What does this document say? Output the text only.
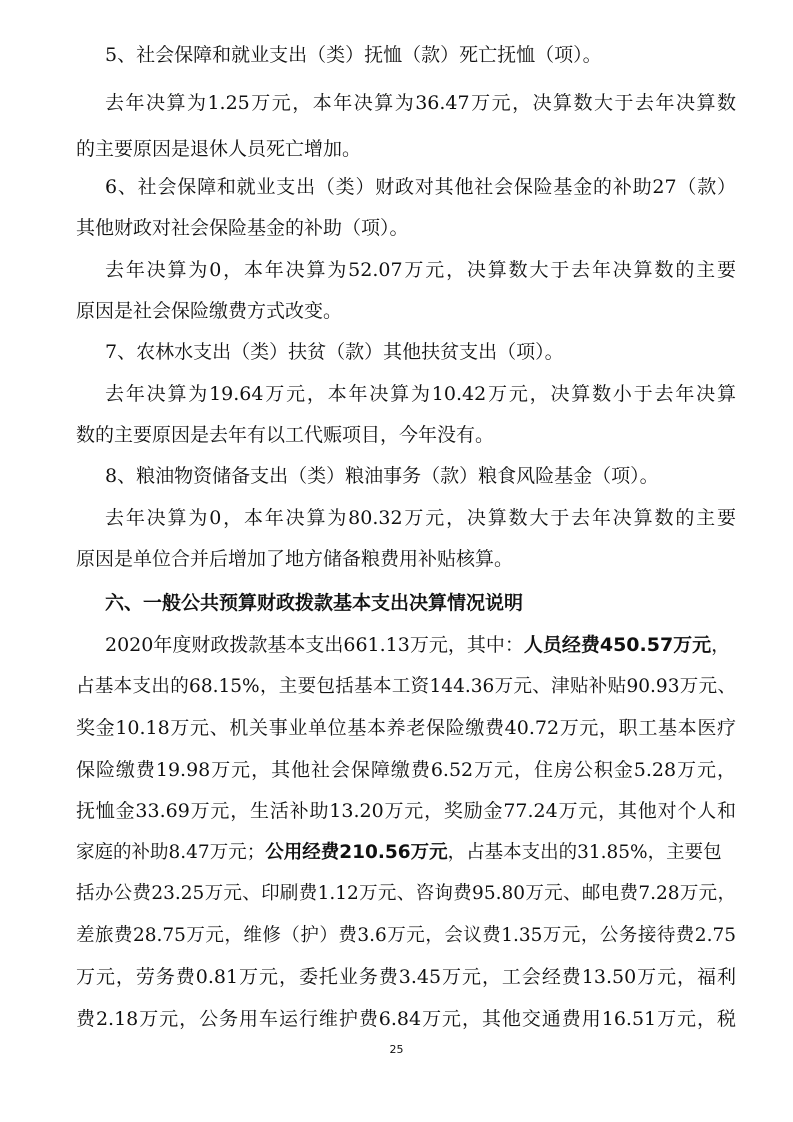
5、社会保障和就业支出（类）抚恤（款）死亡抚恤（项）。
去年决算为1.25万元，本年决算为36.47万元，决算数大于去年决算数
的主要原因是退休人员死亡增加。
6、社会保障和就业支出（类）财政对其他社会保险基金的补助27（款）
其他财政对社会保险基金的补助（项）。
去年决算为0，本年决算为52.07万元，决算数大于去年决算数的主要
原因是社会保险缴费方式改变。
7、农林水支出（类）扶贫（款）其他扶贫支出（项）。
去年决算为19.64万元，本年决算为10.42万元，决算数小于去年决算
数的主要原因是去年有以工代赈项目，今年没有。
8、粮油物资储备支出（类）粮油事务（款）粮食风险基金（项）。
去年决算为0，本年决算为80.32万元，决算数大于去年决算数的主要
原因是单位合并后增加了地方储备粮费用补贴核算。
六、一般公共预算财政拨款基本支出决算情况说明
2020年度财政拨款基本支出661.13万元，其中：人员经费450.57万元，
占基本支出的68.15%，主要包括基本工资144.36万元、津贴补贴90.93万元、
奖金10.18万元、机关事业单位基本养老保险缴费40.72万元，职工基本医疗
保险缴费19.98万元，其他社会保障缴费6.52万元，住房公积金5.28万元，
抚恤金33.69万元，生活补助13.20万元，奖励金77.24万元，其他对个人和
家庭的补助8.47万元；公用经费210.56万元，占基本支出的31.85%，主要包
括办公费23.25万元、印刷费1.12万元、咨询费95.80万元、邮电费7.28万元，
差旅费28.75万元，维修（护）费3.6万元，会议费1.35万元，公务接待费2.75
万元，劳务费0.81万元，委托业务费3.45万元，工会经费13.50万元，福利
费2.18万元，公务用车运行维护费6.84万元，其他交通费用16.51万元，税
25
